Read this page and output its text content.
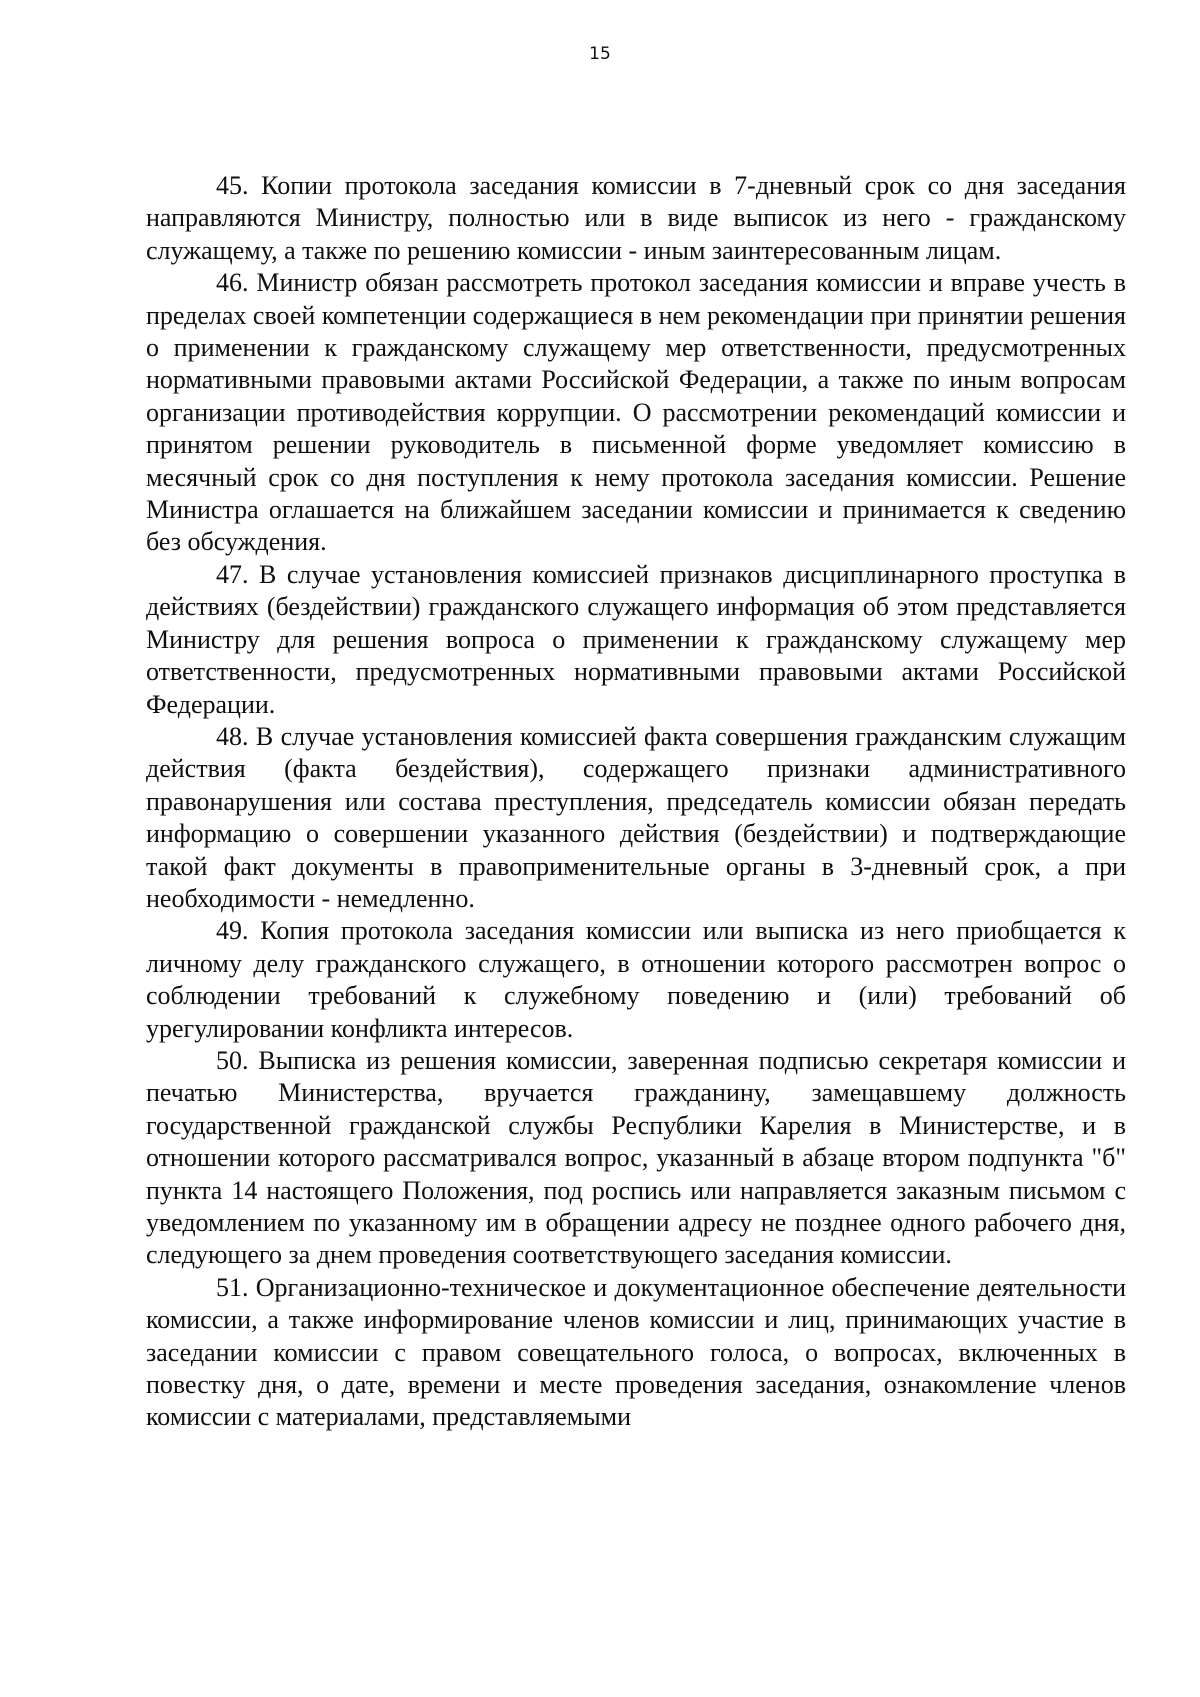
15

45. Копии протокола заседания комиссии в 7-дневный срок со дня заседания направляются Министру, полностью или в виде выписок из него - гражданскому служащему, а также по решению комиссии - иным заинтересованным лицам.

46. Министр обязан рассмотреть протокол заседания комиссии и вправе учесть в пределах своей компетенции содержащиеся в нем рекомендации при принятии решения о применении к гражданскому служащему мер ответственности, предусмотренных нормативными правовыми актами Российской Федерации, а также по иным вопросам организации противодействия коррупции. О рассмотрении рекомендаций комиссии и принятом решении руководитель в письменной форме уведомляет комиссию в месячный срок со дня поступления к нему протокола заседания комиссии. Решение Министра оглашается на ближайшем заседании комиссии и принимается к сведению без обсуждения.

47. В случае установления комиссией признаков дисциплинарного проступка в действиях (бездействии) гражданского служащего информация об этом представляется Министру для решения вопроса о применении к гражданскому служащему мер ответственности, предусмотренных нормативными правовыми актами Российской Федерации.

48. В случае установления комиссией факта совершения гражданским служащим действия (факта бездействия), содержащего признаки административного правонарушения или состава преступления, председатель комиссии обязан передать информацию о совершении указанного действия (бездействии) и подтверждающие такой факт документы в правоприменительные органы в 3-дневный срок, а при необходимости - немедленно.

49. Копия протокола заседания комиссии или выписка из него приобщается к личному делу гражданского служащего, в отношении которого рассмотрен вопрос о соблюдении требований к служебному поведению и (или) требований об урегулировании конфликта интересов.

50. Выписка из решения комиссии, заверенная подписью секретаря комиссии и печатью Министерства, вручается гражданину, замещавшему должность государственной гражданской службы Республики Карелия в Министерстве, и в отношении которого рассматривался вопрос, указанный в абзаце втором подпункта "б" пункта 14 настоящего Положения, под роспись или направляется заказным письмом с уведомлением по указанному им в обращении адресу не позднее одного рабочего дня, следующего за днем проведения соответствующего заседания комиссии.

51. Организационно-техническое и документационное обеспечение деятельности комиссии, а также информирование членов комиссии и лиц, принимающих участие в заседании комиссии с правом совещательного голоса, о вопросах, включенных в повестку дня, о дате, времени и месте проведения заседания, ознакомление членов комиссии с материалами, представляемыми
